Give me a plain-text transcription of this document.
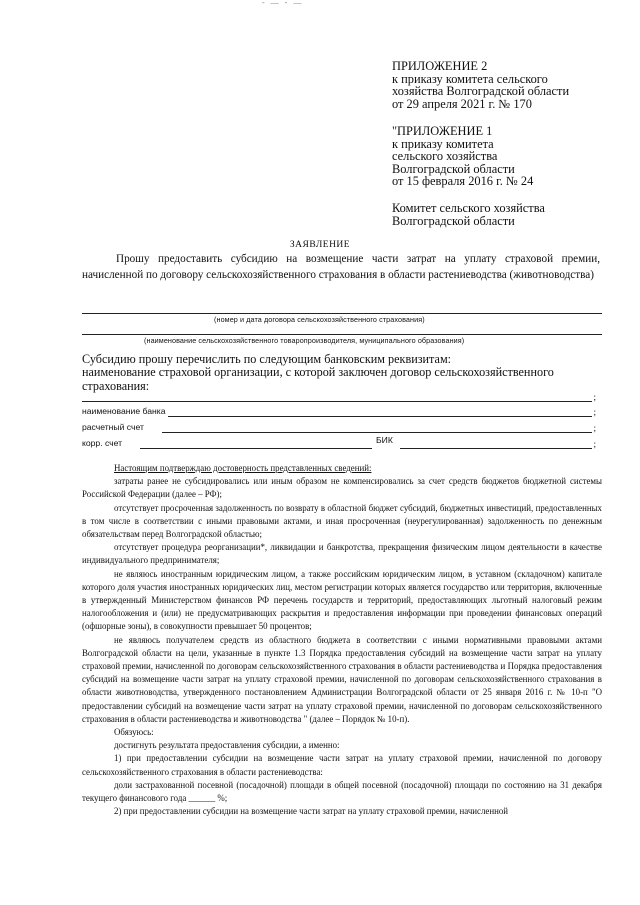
- — - —
ПРИЛОЖЕНИЕ 2
к приказу комитета сельского
хозяйства Волгоградской области
от 29 апреля 2021 г. № 170
"ПРИЛОЖЕНИЕ 1
к приказу комитета
сельского хозяйства
Волгоградской области
от 15 февраля 2016 г. № 24
Комитет сельского хозяйства
Волгоградской области
ЗАЯВЛЕНИЕ
Прошу предоставить субсидию на возмещение части затрат на уплату страховой премии, начисленной по договору сельскохозяйственного страхования в области растениеводства (животноводства)
(номер и дата договора сельскохозяйственного страхования)
(наименование сельскохозяйственного товаропроизводителя, муниципального образования)
Субсидию прошу перечислить по следующим банковским реквизитам:
наименование страховой организации, с которой заключен договор сельскохозяйственного страхования:
;
наименование банка	;
расчетный счет	;
корр. счет	БИК	;

Настоящим подтверждаю достоверность представленных сведений:

затраты ранее не субсидировались или иным образом не компенсировались за счет средств бюджетов бюджетной системы Российской Федерации (далее – РФ);

отсутствует просроченная задолженность по возврату в областной бюджет субсидий, бюджетных инвестиций, предоставленных в том числе в соответствии с иными правовыми актами, и иная просроченная (неурегулированная) задолженность по денежным обязательствам перед Волгоградской областью;

отсутствует процедура реорганизации*, ликвидации и банкротства, прекращения физическим лицом деятельности в качестве индивидуального предпринимателя;

не являюсь иностранным юридическим лицом, а также российским юридическим лицом, в уставном (складочном) капитале которого доля участия иностранных юридических лиц, местом регистрации которых является государство или территория, включенные в утвержденный Министерством финансов РФ перечень государств и территорий, предоставляющих льготный налоговый режим налогообложения и (или) не предусматривающих раскрытия и предоставления информации при проведении финансовых операций (офшорные зоны), в совокупности превышает 50 процентов;

не являюсь получателем средств из областного бюджета в соответствии с иными нормативными правовыми актами Волгоградской области на цели, указанные в пункте 1.3 Порядка предоставления субсидий на возмещение части затрат на уплату страховой премии, начисленной по договорам сельскохозяйственного страхования в области растениеводства и Порядка предоставления субсидий на возмещение части затрат на уплату страховой премии, начисленной по договорам сельскохозяйственного страхования в области животноводства, утвержденного постановлением Администрации Волгоградской области от 25 января 2016 г. № 10-п "О предоставлении субсидий на возмещение части затрат на уплату страховой премии, начисленной по договорам сельскохозяйственного страхования в области растениеводства и животноводства " (далее – Порядок № 10-п).

Обязуюсь:

достигнуть результата предоставления субсидии, а именно:

1) при предоставлении субсидии на возмещение части затрат на уплату страховой премии, начисленной по договору сельскохозяйственного страхования в области растениеводства:

доли застрахованной посевной (посадочной) площади в общей посевной (посадочной) площади по состоянию на 31 декабря текущего финансового года ______ %;

2) при предоставлении субсидии на возмещение части затрат на уплату страховой премии, начисленной
